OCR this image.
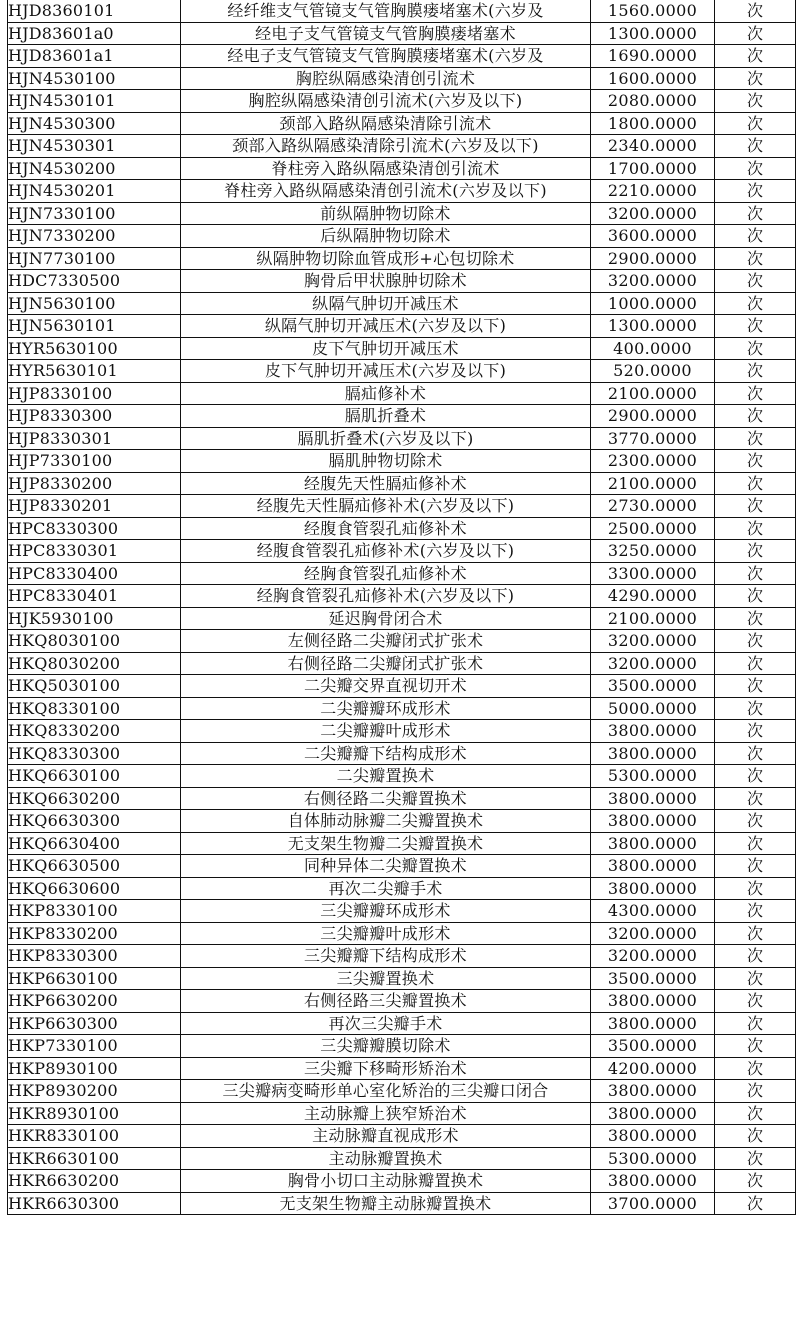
HJD8360101	经纤维支气管镜支气管胸膜瘘堵塞术(六岁及	1560.0000	次
HJD83601a0	经电子支气管镜支气管胸膜瘘堵塞术	1300.0000	次
HJD83601a1	经电子支气管镜支气管胸膜瘘堵塞术(六岁及	1690.0000	次
HJN4530100	胸腔纵隔感染清创引流术	1600.0000	次
HJN4530101	胸腔纵隔感染清创引流术(六岁及以下)	2080.0000	次
HJN4530300	颈部入路纵隔感染清除引流术	1800.0000	次
HJN4530301	颈部入路纵隔感染清除引流术(六岁及以下)	2340.0000	次
HJN4530200	脊柱旁入路纵隔感染清创引流术	1700.0000	次
HJN4530201	脊柱旁入路纵隔感染清创引流术(六岁及以下)	2210.0000	次
HJN7330100	前纵隔肿物切除术	3200.0000	次
HJN7330200	后纵隔肿物切除术	3600.0000	次
HJN7730100	纵隔肿物切除血管成形+心包切除术	2900.0000	次
HDC7330500	胸骨后甲状腺肿切除术	3200.0000	次
HJN5630100	纵隔气肿切开减压术	1000.0000	次
HJN5630101	纵隔气肿切开减压术(六岁及以下)	1300.0000	次
HYR5630100	皮下气肿切开减压术	400.0000	次
HYR5630101	皮下气肿切开减压术(六岁及以下)	520.0000	次
HJP8330100	膈疝修补术	2100.0000	次
HJP8330300	膈肌折叠术	2900.0000	次
HJP8330301	膈肌折叠术(六岁及以下)	3770.0000	次
HJP7330100	膈肌肿物切除术	2300.0000	次
HJP8330200	经腹先天性膈疝修补术	2100.0000	次
HJP8330201	经腹先天性膈疝修补术(六岁及以下)	2730.0000	次
HPC8330300	经腹食管裂孔疝修补术	2500.0000	次
HPC8330301	经腹食管裂孔疝修补术(六岁及以下)	3250.0000	次
HPC8330400	经胸食管裂孔疝修补术	3300.0000	次
HPC8330401	经胸食管裂孔疝修补术(六岁及以下)	4290.0000	次
HJK5930100	延迟胸骨闭合术	2100.0000	次
HKQ8030100	左侧径路二尖瓣闭式扩张术	3200.0000	次
HKQ8030200	右侧径路二尖瓣闭式扩张术	3200.0000	次
HKQ5030100	二尖瓣交界直视切开术	3500.0000	次
HKQ8330100	二尖瓣瓣环成形术	5000.0000	次
HKQ8330200	二尖瓣瓣叶成形术	3800.0000	次
HKQ8330300	二尖瓣瓣下结构成形术	3800.0000	次
HKQ6630100	二尖瓣置换术	5300.0000	次
HKQ6630200	右侧径路二尖瓣置换术	3800.0000	次
HKQ6630300	自体肺动脉瓣二尖瓣置换术	3800.0000	次
HKQ6630400	无支架生物瓣二尖瓣置换术	3800.0000	次
HKQ6630500	同种异体二尖瓣置换术	3800.0000	次
HKQ6630600	再次二尖瓣手术	3800.0000	次
HKP8330100	三尖瓣瓣环成形术	4300.0000	次
HKP8330200	三尖瓣瓣叶成形术	3200.0000	次
HKP8330300	三尖瓣瓣下结构成形术	3200.0000	次
HKP6630100	三尖瓣置换术	3500.0000	次
HKP6630200	右侧径路三尖瓣置换术	3800.0000	次
HKP6630300	再次三尖瓣手术	3800.0000	次
HKP7330100	三尖瓣瓣膜切除术	3500.0000	次
HKP8930100	三尖瓣下移畸形矫治术	4200.0000	次
HKP8930200	三尖瓣病变畸形单心室化矫治的三尖瓣口闭合	3800.0000	次
HKR8930100	主动脉瓣上狭窄矫治术	3800.0000	次
HKR8330100	主动脉瓣直视成形术	3800.0000	次
HKR6630100	主动脉瓣置换术	5300.0000	次
HKR6630200	胸骨小切口主动脉瓣置换术	3800.0000	次
HKR6630300	无支架生物瓣主动脉瓣置换术	3700.0000	次
